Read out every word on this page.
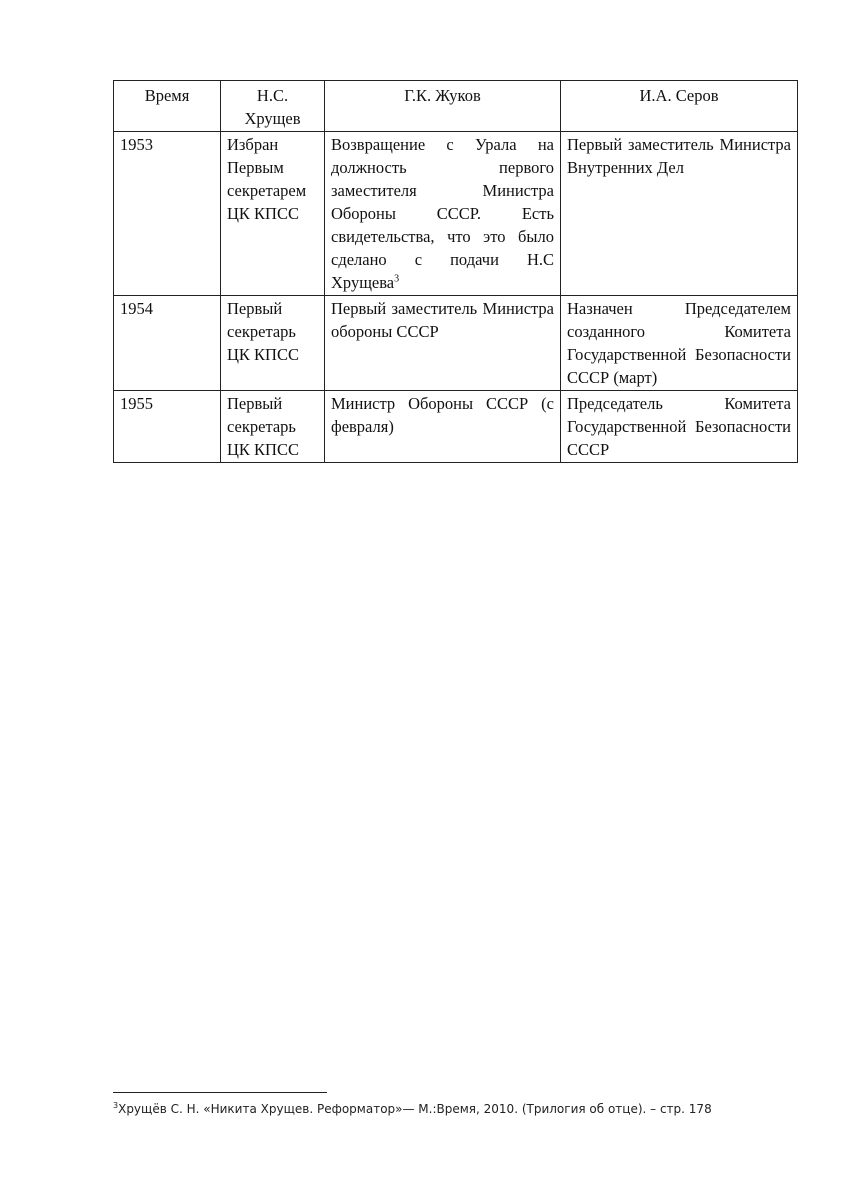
Время	Н.С. Хрущев	Г.К. Жуков	И.А. Серов
1953	Избран Первым секретарем ЦК КПСС	Возвращение с Урала на должность первого заместителя Министра Обороны СССР. Есть свидетельства, что это было сделано с подачи Н.С Хрущева$^3$	Первый заместитель Министра Внутренних Дел
1954	Первый секретарь ЦК КПСС	Первый заместитель Министра обороны СССР	Назначен Председателем созданного Комитета Государственной Безопасности СССР (март)
1955	Первый секретарь ЦК КПСС	Министр Обороны СССР (с февраля)	Председатель Комитета Государственной Безопасности СССР
$^3$Хрущёв С. Н. «Никита Хрущев. Реформатор»— М.:Время, 2010. (Трилогия об отце). – стр. 178
